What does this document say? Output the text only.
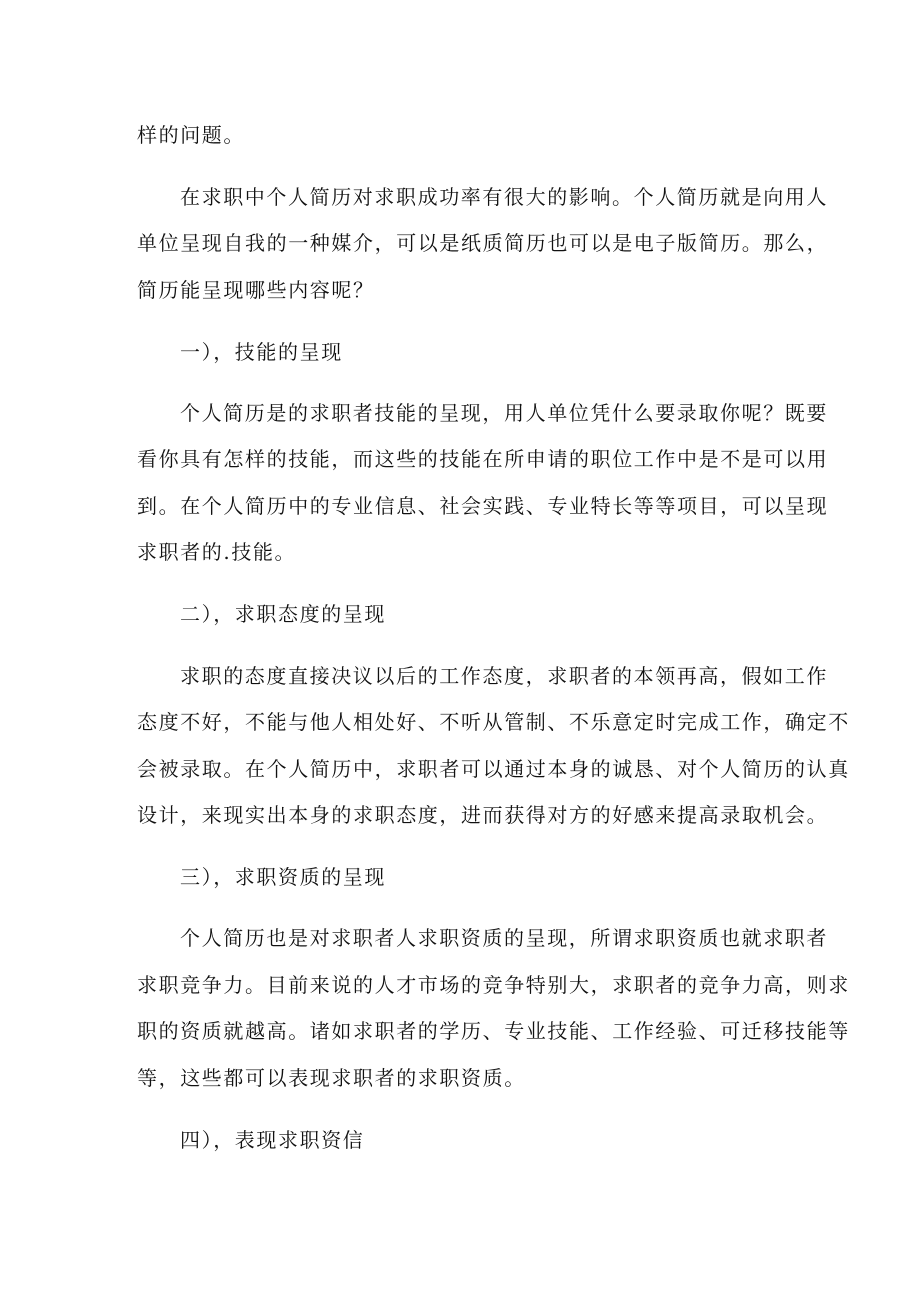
样的问题。
在求职中个人简历对求职成功率有很大的影响。个人简历就是向用人
单位呈现自我的一种媒介，可以是纸质简历也可以是电子版简历。那么，
简历能呈现哪些内容呢？
一），技能的呈现
个人简历是的求职者技能的呈现，用人单位凭什么要录取你呢？既要
看你具有怎样的技能，而这些的技能在所申请的职位工作中是不是可以用
到。在个人简历中的专业信息、社会实践、专业特长等等项目，可以呈现
求职者的.技能。
二），求职态度的呈现
求职的态度直接决议以后的工作态度，求职者的本领再高，假如工作
态度不好，不能与他人相处好、不听从管制、不乐意定时完成工作，确定不
会被录取。在个人简历中，求职者可以通过本身的诚恳、对个人简历的认真
设计，来现实出本身的求职态度，进而获得对方的好感来提高录取机会。
三），求职资质的呈现
个人简历也是对求职者人求职资质的呈现，所谓求职资质也就求职者
求职竞争力。目前来说的人才市场的竞争特别大，求职者的竞争力高，则求
职的资质就越高。诸如求职者的学历、专业技能、工作经验、可迁移技能等
等，这些都可以表现求职者的求职资质。
四），表现求职资信
